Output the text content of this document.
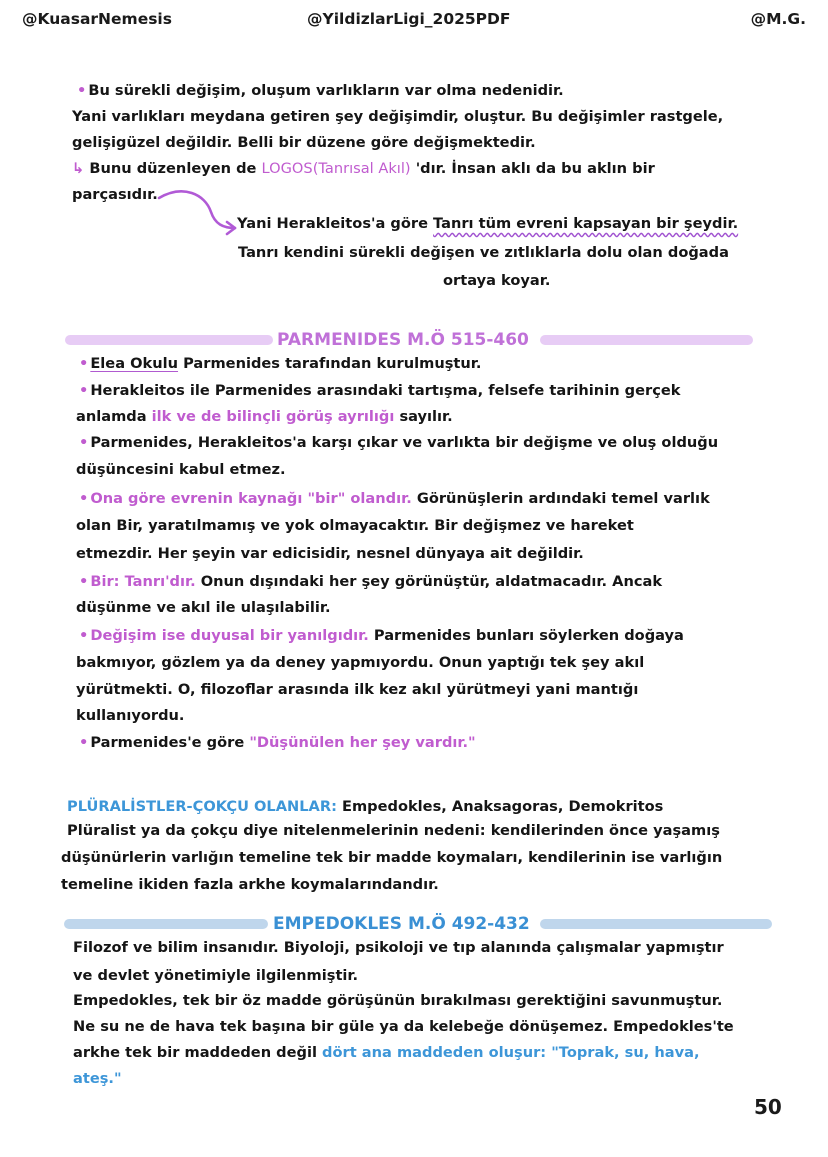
@KuasarNemesis	@YildizlarLigi_2025PDF	@M.G.
• Bu sürekli değişim, oluşum varlıkların var olma nedenidir.
Yani varlıkları meydana getiren şey değişimdir, oluştur. Bu değişimler rastgele,
gelişigüzel değildir. Belli bir düzene göre değişmektedir.
↳ Bunu düzenleyen de LOGOS(Tanrısal Akıl) 'dır. İnsan aklı da bu aklın bir
parçasıdır.
Yani Herakleitos'a göre Tanrı tüm evreni kapsayan bir şeydir.
Tanrı kendini sürekli değişen ve zıtlıklarla dolu olan doğada
ortaya koyar.
PARMENIDES M.Ö 515-460
• Elea Okulu Parmenides tarafından kurulmuştur.
• Herakleitos ile Parmenides arasındaki tartışma, felsefe tarihinin gerçek
anlamda ilk ve de bilinçli görüş ayrılığı sayılır.
• Parmenides, Herakleitos'a karşı çıkar ve varlıkta bir değişme ve oluş olduğu
düşüncesini kabul etmez.
• Ona göre evrenin kaynağı "bir" olandır. Görünüşlerin ardındaki temel varlık
olan Bir, yaratılmamış ve yok olmayacaktır. Bir değişmez ve hareket
etmezdir. Her şeyin var edicisidir, nesnel dünyaya ait değildir.
• Bir: Tanrı'dır. Onun dışındaki her şey görünüştür, aldatmacadır. Ancak
düşünme ve akıl ile ulaşılabilir.
• Değişim ise duyusal bir yanılgıdır. Parmenides bunları söylerken doğaya
bakmıyor, gözlem ya da deney yapmıyordu. Onun yaptığı tek şey akıl
yürütmekti. O, filozoflar arasında ilk kez akıl yürütmeyi yani mantığı
kullanıyordu.
• Parmenides'e göre "Düşünülen her şey vardır."
PLÜRALİSTLER-ÇOKÇU OLANLAR: Empedokles, Anaksagoras, Demokritos
Plüralist ya da çokçu diye nitelenmelerinin nedeni: kendilerinden önce yaşamış
düşünürlerin varlığın temeline tek bir madde koymaları, kendilerinin ise varlığın
temeline ikiden fazla arkhe koymalarındandır.
EMPEDOKLES M.Ö 492-432
Filozof ve bilim insanıdır. Biyoloji, psikoloji ve tıp alanında çalışmalar yapmıştır
ve devlet yönetimiyle ilgilenmiştir.
Empedokles, tek bir öz madde görüşünün bırakılması gerektiğini savunmuştur.
Ne su ne de hava tek başına bir güle ya da kelebeğe dönüşemez. Empedokles'te
arkhe tek bir maddeden değil dört ana maddeden oluşur: "Toprak, su, hava,
ateş."
50
